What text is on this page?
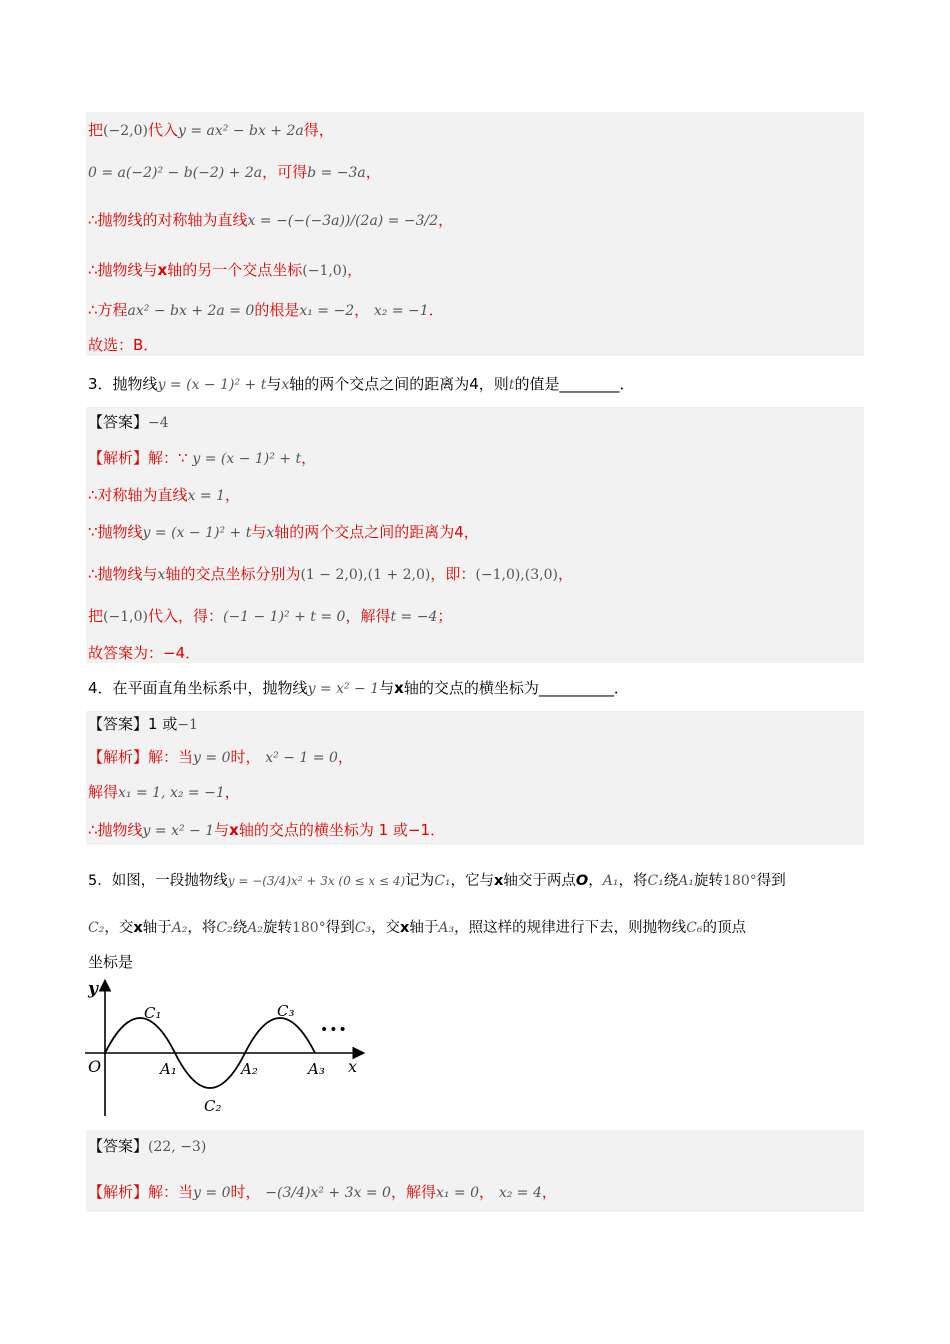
把(−2,0)代入y = ax² − bx + 2a得，
0 = a(−2)² − b(−2) + 2a，可得b = −3a，
∴抛物线的对称轴为直线x = −(−(−3a))/(2a) = −3/2，
∴抛物线与x轴的另一个交点坐标(−1,0)，
∴方程ax² − bx + 2a = 0的根是x₁ = −2， x₂ = −1．
故选：B．
3．抛物线y = (x − 1)² + t与x轴的两个交点之间的距离为4，则t的值是________．
【答案】−4
【解析】解：∵ y = (x − 1)² + t，
∴对称轴为直线x = 1，
∵抛物线y = (x − 1)² + t与x轴的两个交点之间的距离为4，
∴抛物线与x轴的交点坐标分别为(1 − 2,0),(1 + 2,0)，即：(−1,0),(3,0)，
把(−1,0)代入，得：(−1 − 1)² + t = 0，解得t = −4；
故答案为：−4．
4．在平面直角坐标系中，抛物线y = x² − 1与x轴的交点的横坐标为__________．
【答案】1 或−1
【解析】解：当y = 0时， x² − 1 = 0，
解得x₁ = 1, x₂ = −1，
∴抛物线y = x² − 1与x轴的交点的横坐标为 1 或−1．
5．如图，一段抛物线y = −(3/4)x² + 3x (0 ≤ x ≤ 4)记为C₁，它与x轴交于两点O，A₁，将C₁绕A₁旋转180°得到
C₂，交x轴于A₂，将C₂绕A₂旋转180°得到C₃，交x轴于A₃，照这样的规律进行下去，则抛物线C₆的顶点
坐标是
y
x
O
C₁
C₂
C₃
A₁	A₂	A₃
•••
【答案】(22, −3)
【解析】解：当y = 0时， −(3/4)x² + 3x = 0，解得x₁ = 0， x₂ = 4，
